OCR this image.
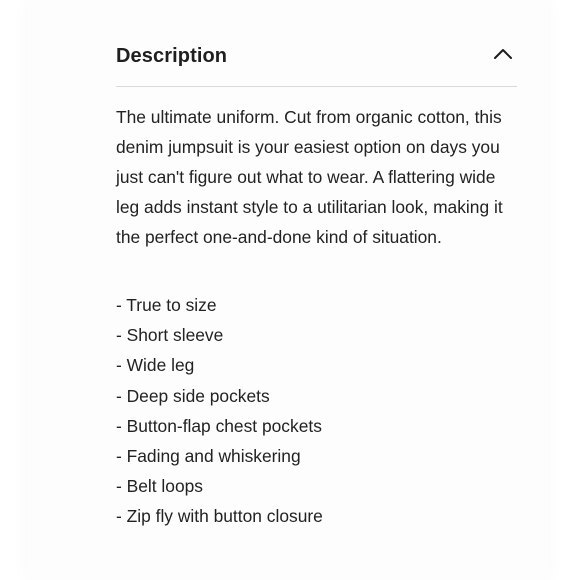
Description

The ultimate uniform. Cut from organic cotton, this denim jumpsuit is your easiest option on days you just can't figure out what to wear. A flattering wide leg adds instant style to a utilitarian look, making it the perfect one-and-done kind of situation.

- True to size
- Short sleeve
- Wide leg
- Deep side pockets
- Button-flap chest pockets
- Fading and whiskering
- Belt loops
- Zip fly with button closure
